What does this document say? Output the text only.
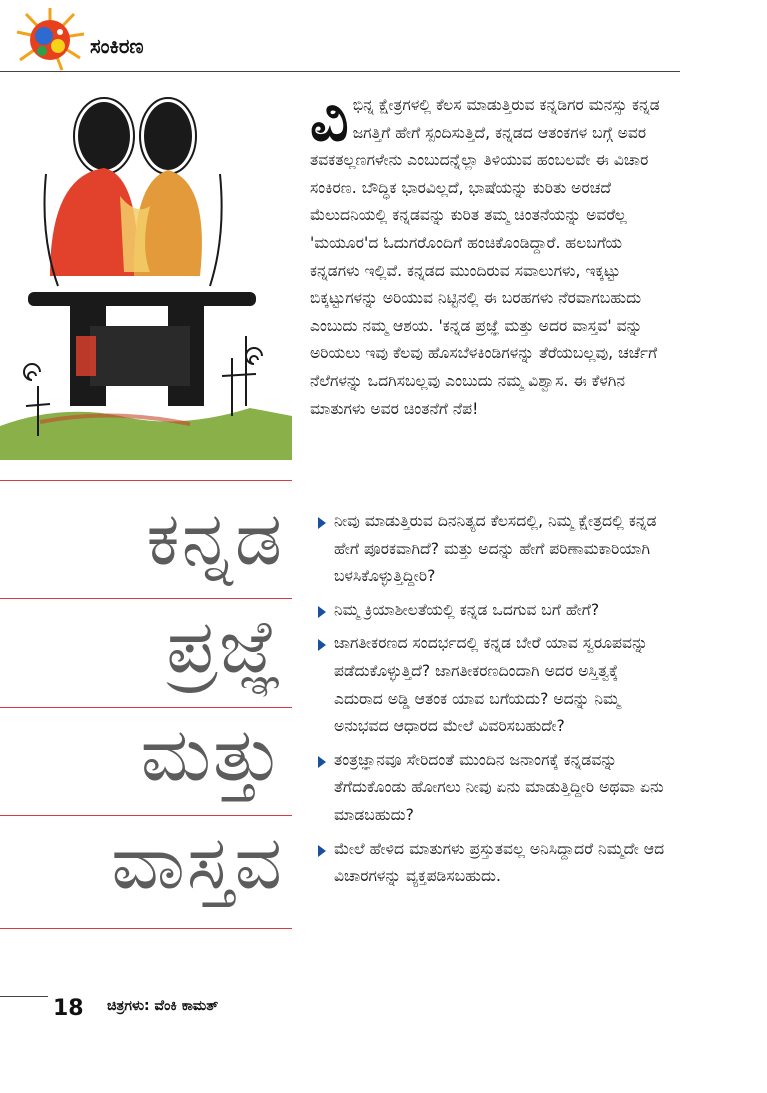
ಸಂಕಿರಣ
ಕನ್ನಡ
ಪ್ರಜ್ಞೆ
ಮತ್ತು
ವಾಸ್ತವ
ವಿ ಭಿನ್ನ ಕ್ಷೇತ್ರಗಳಲ್ಲಿ ಕೆಲಸ ಮಾಡುತ್ತಿರುವ ಕನ್ನಡಿಗರ ಮನಸ್ಸು ಕನ್ನಡ ಜಗತ್ತಿಗೆ ಹೇಗೆ ಸ್ಪಂದಿಸುತ್ತಿದೆ, ಕನ್ನಡದ ಆತಂಕಗಳ ಬಗ್ಗೆ ಅವರ ತವಕತಲ್ಲಣಗಳೇನು ಎಂಬುದನ್ನೆಲ್ಲಾ ತಿಳಿಯುವ ಹಂಬಲವೇ ಈ ವಿಚಾರ ಸಂಕಿರಣ. ಬೌದ್ಧಿಕ ಭಾರವಿಲ್ಲದೆ, ಭಾಷೆಯನ್ನು ಕುರಿತು ಅರಚದೆ ಮೆಲುದನಿಯಲ್ಲಿ ಕನ್ನಡವನ್ನು ಕುರಿತ ತಮ್ಮ ಚಿಂತನೆಯನ್ನು ಅವರೆಲ್ಲ 'ಮಯೂರ'ದ ಓದುಗರೊಂದಿಗೆ ಹಂಚಿಕೊಂಡಿದ್ದಾರೆ. ಹಲಬಗೆಯ ಕನ್ನಡಗಳು ಇಲ್ಲಿವೆ. ಕನ್ನಡದ ಮುಂದಿರುವ ಸವಾಲುಗಳು, ಇಕ್ಕಟ್ಟು ಬಿಕ್ಕಟ್ಟುಗಳನ್ನು ಅರಿಯುವ ನಿಟ್ಟಿನಲ್ಲಿ ಈ ಬರಹಗಳು ನೆರವಾಗಬಹುದು ಎಂಬುದು ನಮ್ಮ ಆಶಯ. 'ಕನ್ನಡ ಪ್ರಜ್ಞೆ ಮತ್ತು ಅದರ ವಾಸ್ತವ' ವನ್ನು ಅರಿಯಲು ಇವು ಕೆಲವು ಹೊಸಬೆಳಕಿಂಡಿಗಳನ್ನು ತೆರೆಯಬಲ್ಲವು, ಚರ್ಚೆಗೆ ನೆಲೆಗಳನ್ನು ಒದಗಿಸಬಲ್ಲವು ಎಂಬುದು ನಮ್ಮ ವಿಶ್ವಾಸ. ಈ ಕೆಳಗಿನ ಮಾತುಗಳು ಅವರ ಚಿಂತನೆಗೆ ನೆಪ!
ನೀವು ಮಾಡುತ್ತಿರುವ ದಿನನಿತ್ಯದ ಕೆಲಸದಲ್ಲಿ, ನಿಮ್ಮ ಕ್ಷೇತ್ರದಲ್ಲಿ ಕನ್ನಡ ಹೇಗೆ ಪೂರಕವಾಗಿದೆ? ಮತ್ತು ಅದನ್ನು ಹೇಗೆ ಪರಿಣಾಮಕಾರಿಯಾಗಿ ಬಳಸಿಕೊಳ್ಳುತ್ತಿದ್ದೀರಿ?
ನಿಮ್ಮ ಕ್ರಿಯಾಶೀಲತೆಯಲ್ಲಿ ಕನ್ನಡ ಒದಗುವ ಬಗೆ ಹೇಗೆ?
ಜಾಗತೀಕರಣದ ಸಂದರ್ಭದಲ್ಲಿ ಕನ್ನಡ ಬೇರೆ ಯಾವ ಸ್ವರೂಪವನ್ನು ಪಡೆದುಕೊಳ್ಳುತ್ತಿದೆ? ಜಾಗತೀಕರಣದಿಂದಾಗಿ ಅದರ ಅಸ್ತಿತ್ವಕ್ಕೆ ಎದುರಾದ ಅಡ್ಡಿ ಆತಂಕ ಯಾವ ಬಗೆಯದು? ಅದನ್ನು ನಿಮ್ಮ ಅನುಭವದ ಆಧಾರದ ಮೇಲೆ ವಿವರಿಸಬಹುದೇ?
ತಂತ್ರಜ್ಞಾನವೂ ಸೇರಿದಂತೆ ಮುಂದಿನ ಜನಾಂಗಕ್ಕೆ ಕನ್ನಡವನ್ನು ತೆಗೆದುಕೊಂಡು ಹೋಗಲು ನೀವು ಏನು ಮಾಡುತ್ತಿದ್ದೀರಿ ಅಥವಾ ಏನು ಮಾಡಬಹುದು?
ಮೇಲೆ ಹೇಳಿದ ಮಾತುಗಳು ಪ್ರಸ್ತುತವಲ್ಲ ಅನಿಸಿದ್ದಾದರೆ ನಿಮ್ಮದೇ ಆದ ವಿಚಾರಗಳನ್ನು ವ್ಯಕ್ತಪಡಿಸಬಹುದು.
18 ಚಿತ್ರಗಳು: ವೆಂಕಿ ಕಾಮತ್
